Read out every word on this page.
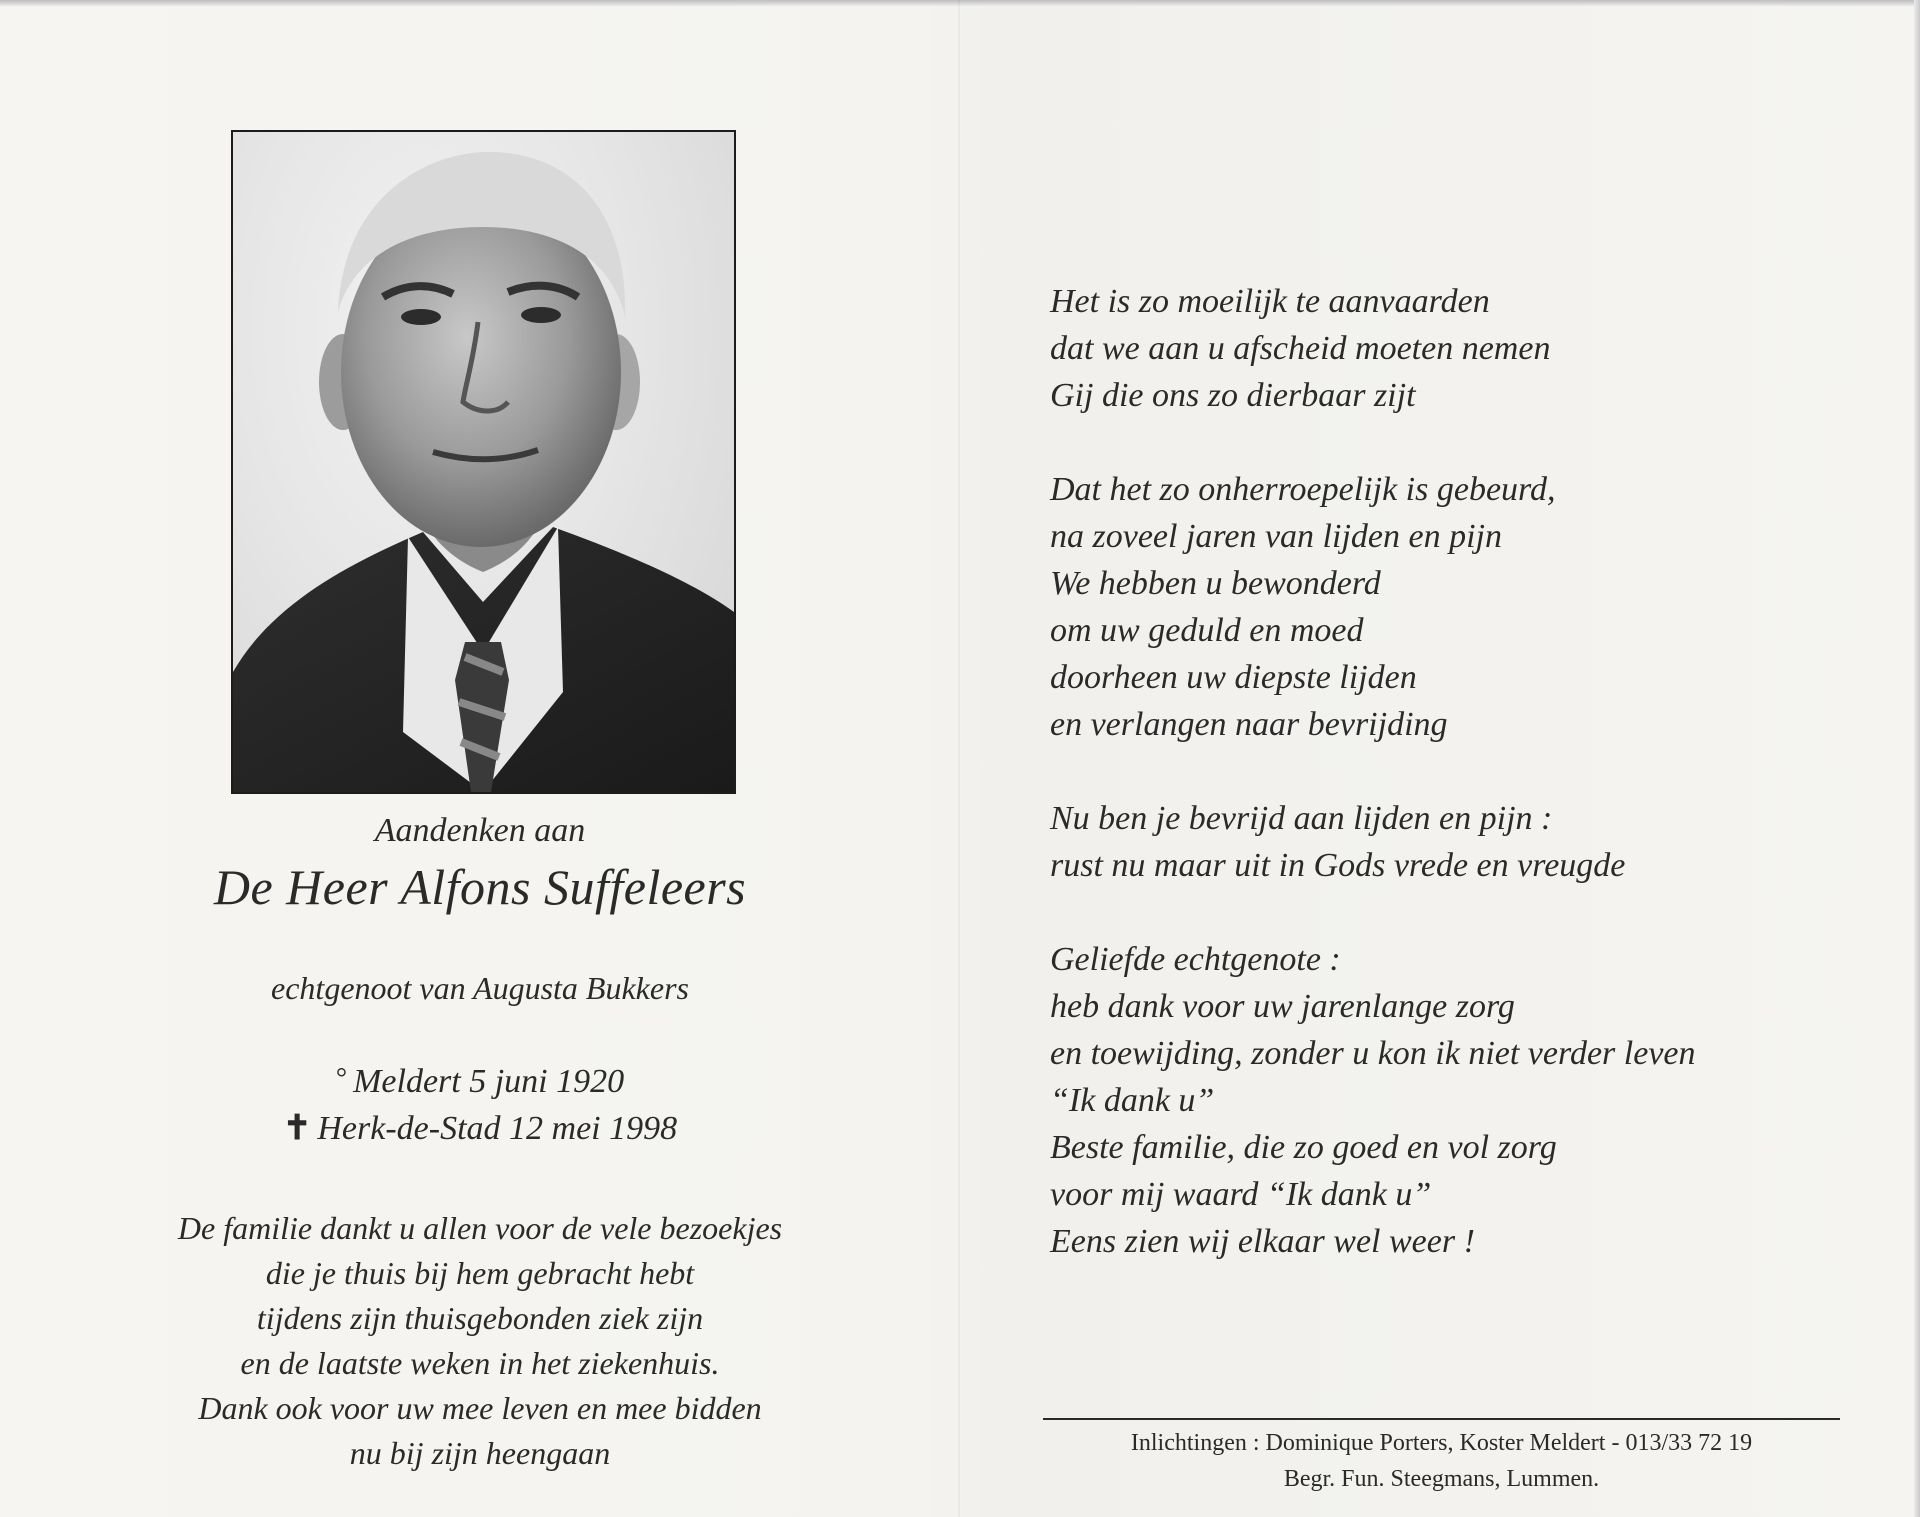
Aandenken aan
De Heer Alfons Suffeleers
echtgenoot van Augusta Bukkers
° Meldert 5 juni 1920
✝ Herk-de-Stad 12 mei 1998
De familie dankt u allen voor de vele bezoekjes
die je thuis bij hem gebracht hebt
tijdens zijn thuisgebonden ziek zijn
en de laatste weken in het ziekenhuis.
Dank ook voor uw mee leven en mee bidden
nu bij zijn heengaan
Het is zo moeilijk te aanvaarden
dat we aan u afscheid moeten nemen
Gij die ons zo dierbaar zijt
Dat het zo onherroepelijk is gebeurd,
na zoveel jaren van lijden en pijn
We hebben u bewonderd
om uw geduld en moed
doorheen uw diepste lijden
en verlangen naar bevrijding
Nu ben je bevrijd aan lijden en pijn :
rust nu maar uit in Gods vrede en vreugde
Geliefde echtgenote :
heb dank voor uw jarenlange zorg
en toewijding, zonder u kon ik niet verder leven
“Ik dank u”
Beste familie, die zo goed en vol zorg
voor mij waard “Ik dank u”
Eens zien wij elkaar wel weer !
Inlichtingen : Dominique Porters, Koster Meldert - 013/33 72 19
Begr. Fun. Steegmans, Lummen.
